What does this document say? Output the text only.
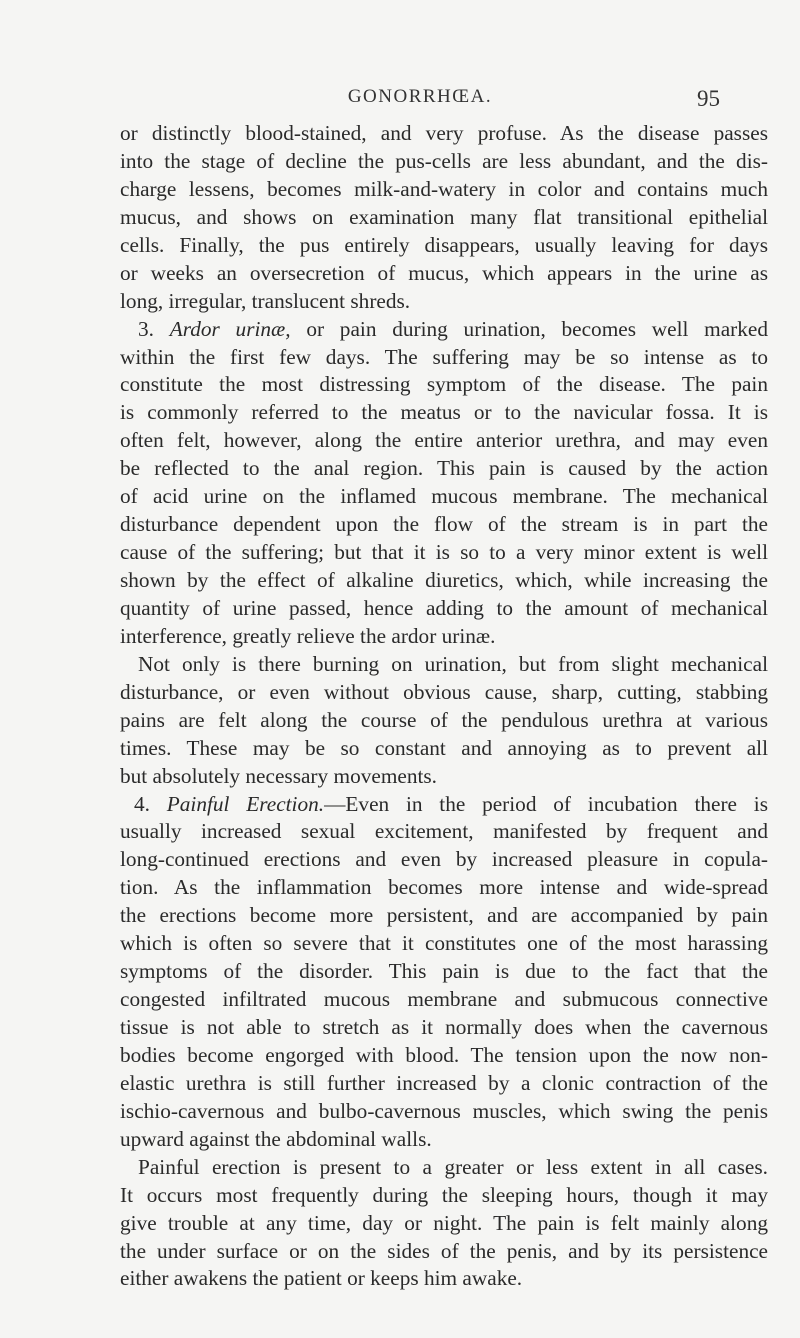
GONORRHŒA.	95
or distinctly blood-stained, and very profuse. As the disease passes
into the stage of decline the pus-cells are less abundant, and the dis-
charge lessens, becomes milk-and-watery in color and contains much
mucus, and shows on examination many flat transitional epithelial
cells. Finally, the pus entirely disappears, usually leaving for days
or weeks an oversecretion of mucus, which appears in the urine as
long, irregular, translucent shreds.
3. Ardor urinæ, or pain during urination, becomes well marked
within the first few days. The suffering may be so intense as to
constitute the most distressing symptom of the disease. The pain
is commonly referred to the meatus or to the navicular fossa. It is
often felt, however, along the entire anterior urethra, and may even
be reflected to the anal region. This pain is caused by the action
of acid urine on the inflamed mucous membrane. The mechanical
disturbance dependent upon the flow of the stream is in part the
cause of the suffering; but that it is so to a very minor extent is well
shown by the effect of alkaline diuretics, which, while increasing the
quantity of urine passed, hence adding to the amount of mechanical
interference, greatly relieve the ardor urinæ.
Not only is there burning on urination, but from slight mechanical
disturbance, or even without obvious cause, sharp, cutting, stabbing
pains are felt along the course of the pendulous urethra at various
times. These may be so constant and annoying as to prevent all
but absolutely necessary movements.
4. Painful Erection.—Even in the period of incubation there is
usually increased sexual excitement, manifested by frequent and
long-continued erections and even by increased pleasure in copula-
tion. As the inflammation becomes more intense and wide-spread
the erections become more persistent, and are accompanied by pain
which is often so severe that it constitutes one of the most harassing
symptoms of the disorder. This pain is due to the fact that the
congested infiltrated mucous membrane and submucous connective
tissue is not able to stretch as it normally does when the cavernous
bodies become engorged with blood. The tension upon the now non-
elastic urethra is still further increased by a clonic contraction of the
ischio-cavernous and bulbo-cavernous muscles, which swing the penis
upward against the abdominal walls.
Painful erection is present to a greater or less extent in all cases.
It occurs most frequently during the sleeping hours, though it may
give trouble at any time, day or night. The pain is felt mainly along
the under surface or on the sides of the penis, and by its persistence
either awakens the patient or keeps him awake.
